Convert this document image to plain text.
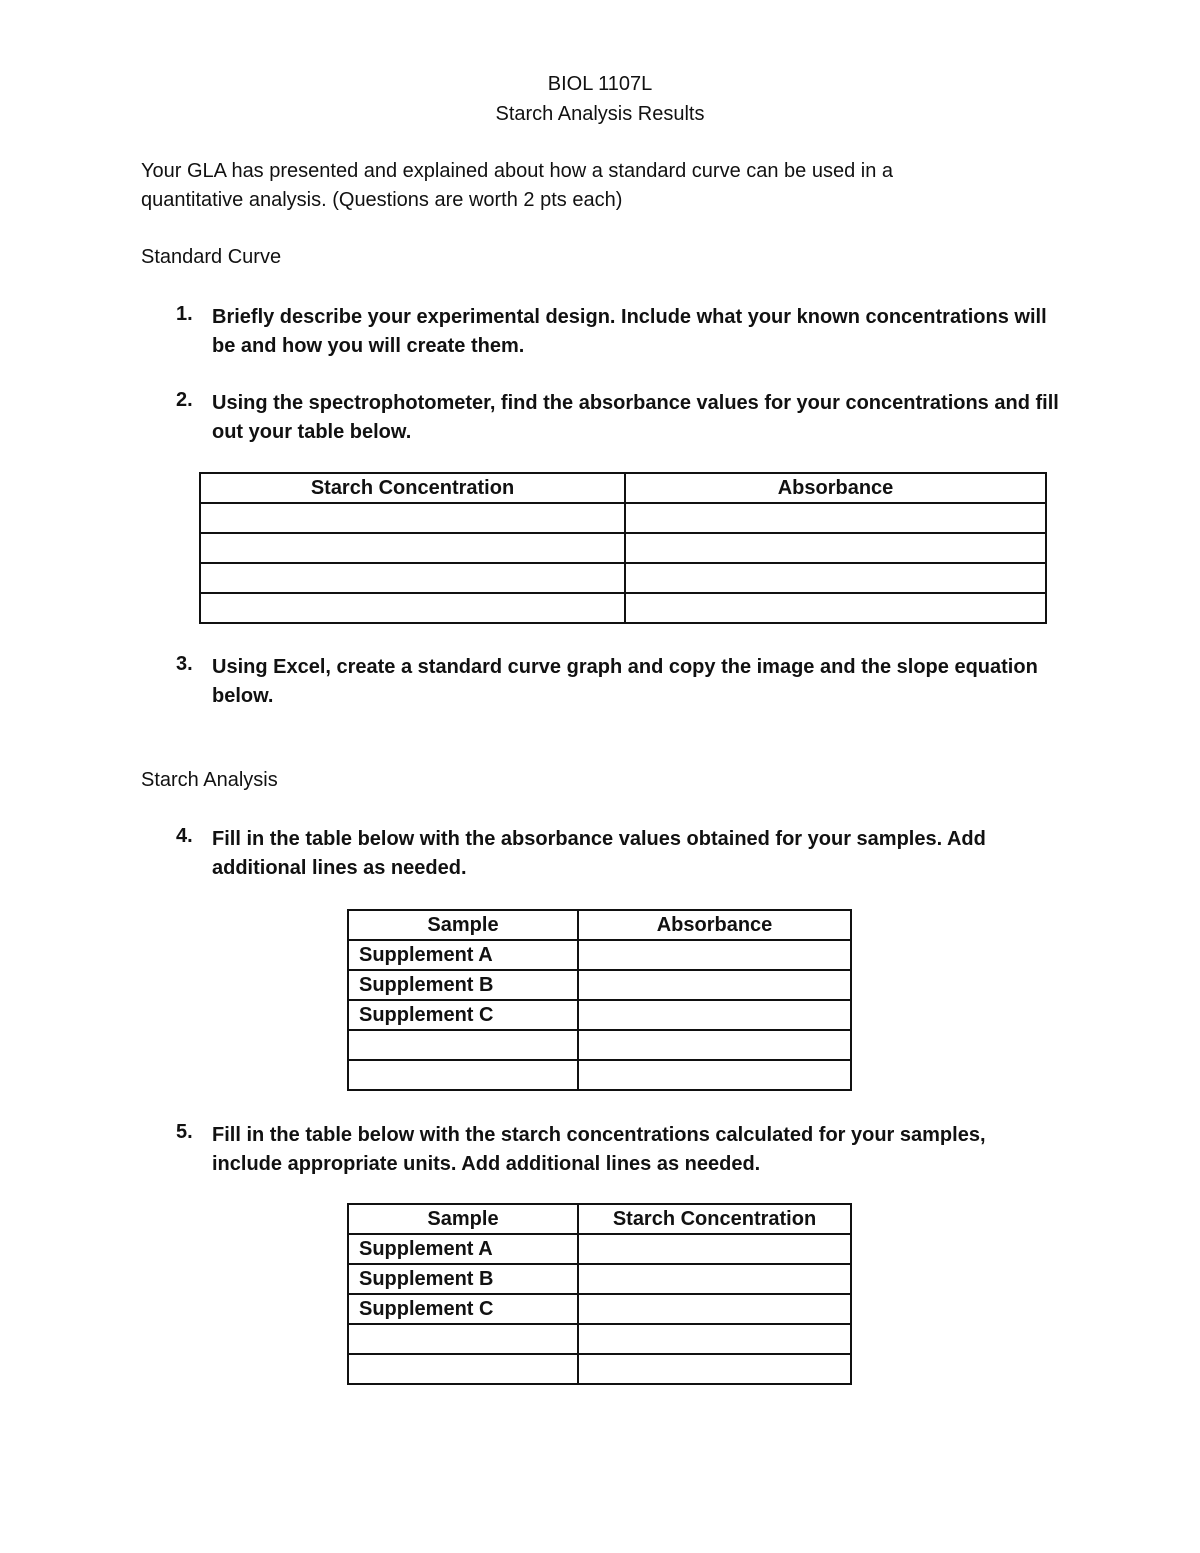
BIOL 1107L
Starch Analysis Results
Your GLA has presented and explained about how a standard curve can be used in a
quantitative analysis. (Questions are worth 2 pts each)
Standard Curve
1. Briefly describe your experimental design. Include what your known concentrations will
be and how you will create them.
2. Using the spectrophotometer, find the absorbance values for your concentrations and fill
out your table below.
Starch Concentration	Absorbance

3. Using Excel, create a standard curve graph and copy the image and the slope equation
below.
Starch Analysis
4. Fill in the table below with the absorbance values obtained for your samples. Add
additional lines as needed.
Sample	Absorbance
Supplement A	
Supplement B	
Supplement C	

5. Fill in the table below with the starch concentrations calculated for your samples,
include appropriate units. Add additional lines as needed.
Sample	Starch Concentration
Supplement A	
Supplement B	
Supplement C	
